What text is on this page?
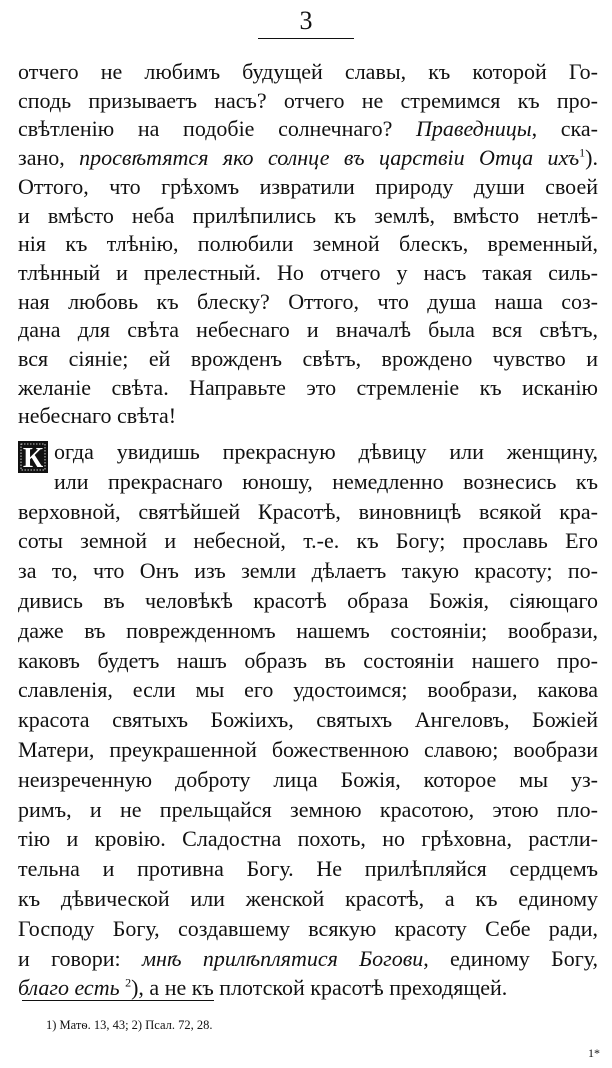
3
отчего не любимъ будущей славы, къ которой Го-
сподь призываетъ насъ? отчего не стремимся къ про-
свѣтленію на подобіе солнечнаго? Праведницы, ска-
зано, просвѣтятся яко солнце въ царствіи Отца ихъ$^1$).
Оттого, что грѣхомъ извратили природу души своей
и вмѣсто неба прилѣпились къ землѣ, вмѣсто нетлѣ-
нія къ тлѣнію, полюбили земной блескъ, временный,
тлѣнный и прелестный. Но отчего у насъ такая силь-
ная любовь къ блеску? Оттого, что душа наша соз-
дана для свѣта небеснаго и вначалѣ была вся свѣтъ,
вся сіяніе; ей врожденъ свѣтъ, врождено чувство и
желаніе свѣта. Направьте это стремленіе къ исканію
небеснаго свѣта!
К огда увидишь прекрасную дѣвицу или женщину,
или прекраснаго юношу, немедленно вознесись къ
верховной, святѣйшей Красотѣ, виновницѣ всякой кра-
соты земной и небесной, т.-е. къ Богу; прославь Его
за то, что Онъ изъ земли дѣлаетъ такую красоту; по-
дивись въ человѣкѣ красотѣ образа Божія, сіяющаго
даже въ поврежденномъ нашемъ состояніи; вообрази,
каковъ будетъ нашъ образъ въ состояніи нашего про-
славленія, если мы его удостоимся; вообрази, какова
красота святыхъ Божіихъ, святыхъ Ангеловъ, Божіей
Матери, преукрашенной божественною славою; вообрази
неизреченную доброту лица Божія, которое мы уз-
римъ, и не прельщайся земною красотою, этою пло-
тію и кровію. Сладостна похоть, но грѣховна, растли-
тельна и противна Богу. Не прилѣпляйся сердцемъ
къ дѣвической или женской красотѣ, а къ единому
Господу Богу, создавшему всякую красоту Себе ради,
и говори: мнѣ прилѣплятися Богови, единому Богу,
благо есть $^2$), а не къ плотской красотѣ преходящей.
1) Матѳ. 13, 43; 2) Псал. 72, 28.
1*
